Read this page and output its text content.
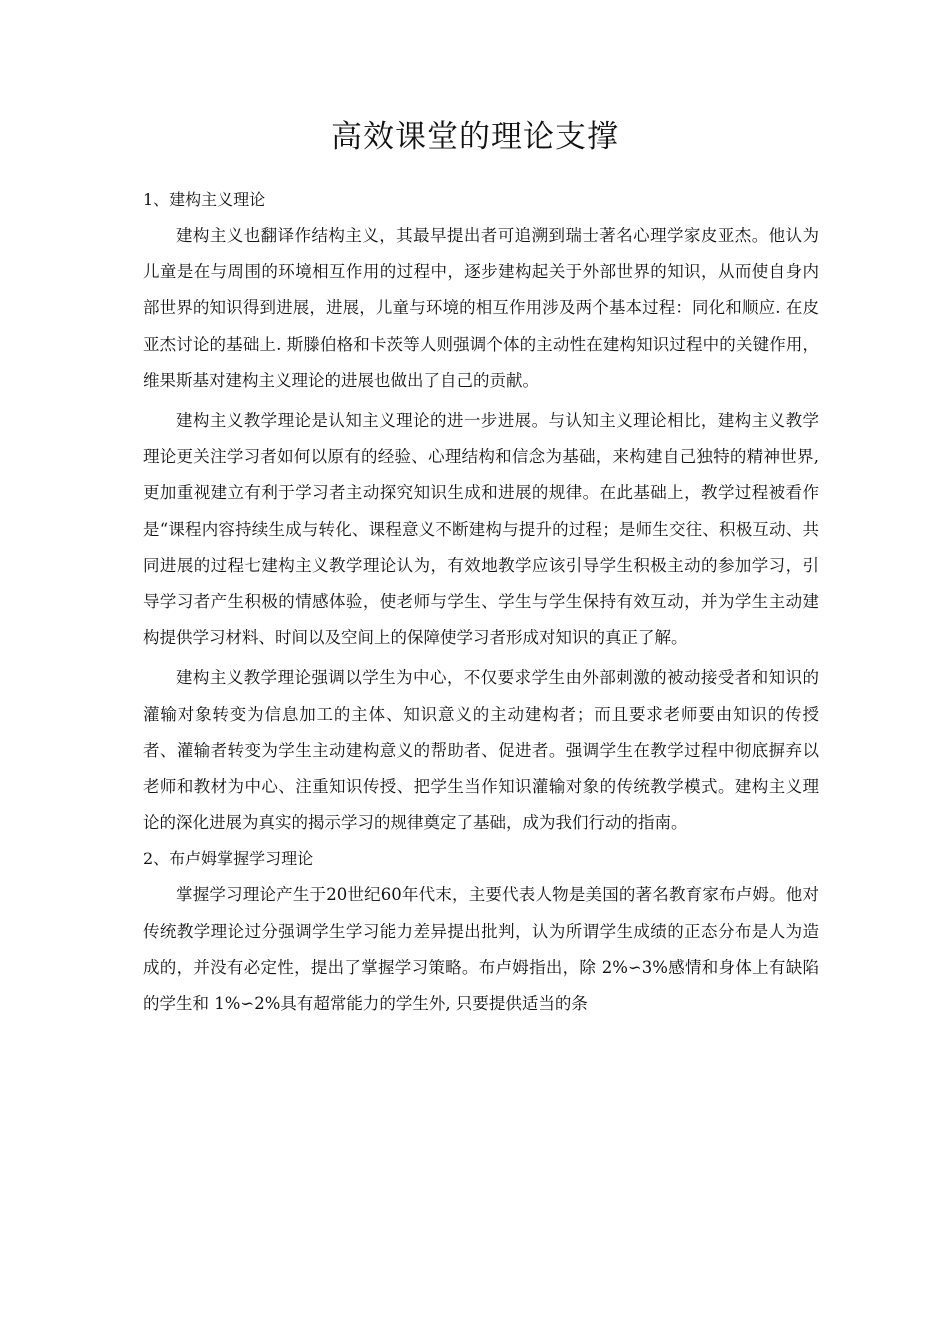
高效课堂的理论支撑
1、建构主义理论

建构主义也翻译作结构主义，其最早提出者可追溯到瑞士著名心理学家皮亚杰。他认为儿童是在与周围的环境相互作用的过程中，逐步建构起关于外部世界的知识，从而使自身内部世界的知识得到进展，进展，儿童与环境的相互作用涉及两个基本过程：同化和顺应. 在皮亚杰讨论的基础上. 斯滕伯格和卡茨等人则强调个体的主动性在建构知识过程中的关键作用，维果斯基对建构主义理论的进展也做出了自己的贡献。

建构主义教学理论是认知主义理论的进一步进展。与认知主义理论相比，建构主义教学理论更关注学习者如何以原有的经验、心理结构和信念为基础，来构建自己独特的精神世界, 更加重视建立有利于学习者主动探究知识生成和进展的规律。在此基础上，教学过程被看作是“课程内容持续生成与转化、课程意义不断建构与提升的过程；是师生交往、积极互动、共同进展的过程七建构主义教学理论认为，有效地教学应该引导学生积极主动的参加学习，引导学习者产生积极的情感体验，使老师与学生、学生与学生保持有效互动，并为学生主动建构提供学习材料、时间以及空间上的保障使学习者形成对知识的真正了解。

建构主义教学理论强调以学生为中心，不仅要求学生由外部刺激的被动接受者和知识的灌输对象转变为信息加工的主体、知识意义的主动建构者；而且要求老师要由知识的传授者、灌输者转变为学生主动建构意义的帮助者、促进者。强调学生在教学过程中彻底摒弃以老师和教材为中心、注重知识传授、把学生当作知识灌输对象的传统教学模式。建构主义理论的深化进展为真实的揭示学习的规律奠定了基础，成为我们行动的指南。

2、布卢姆掌握学习理论

掌握学习理论产生于20世纪60年代末，主要代表人物是美国的著名教育家布卢姆。他对传统教学理论过分强调学生学习能力差异提出批判，认为所谓学生成绩的正态分布是人为造成的，并没有必定性，提出了掌握学习策略。布卢姆指出，除 2%∽3%感情和身体上有缺陷的学生和 1%∽2%具有超常能力的学生外, 只要提供适当的条
